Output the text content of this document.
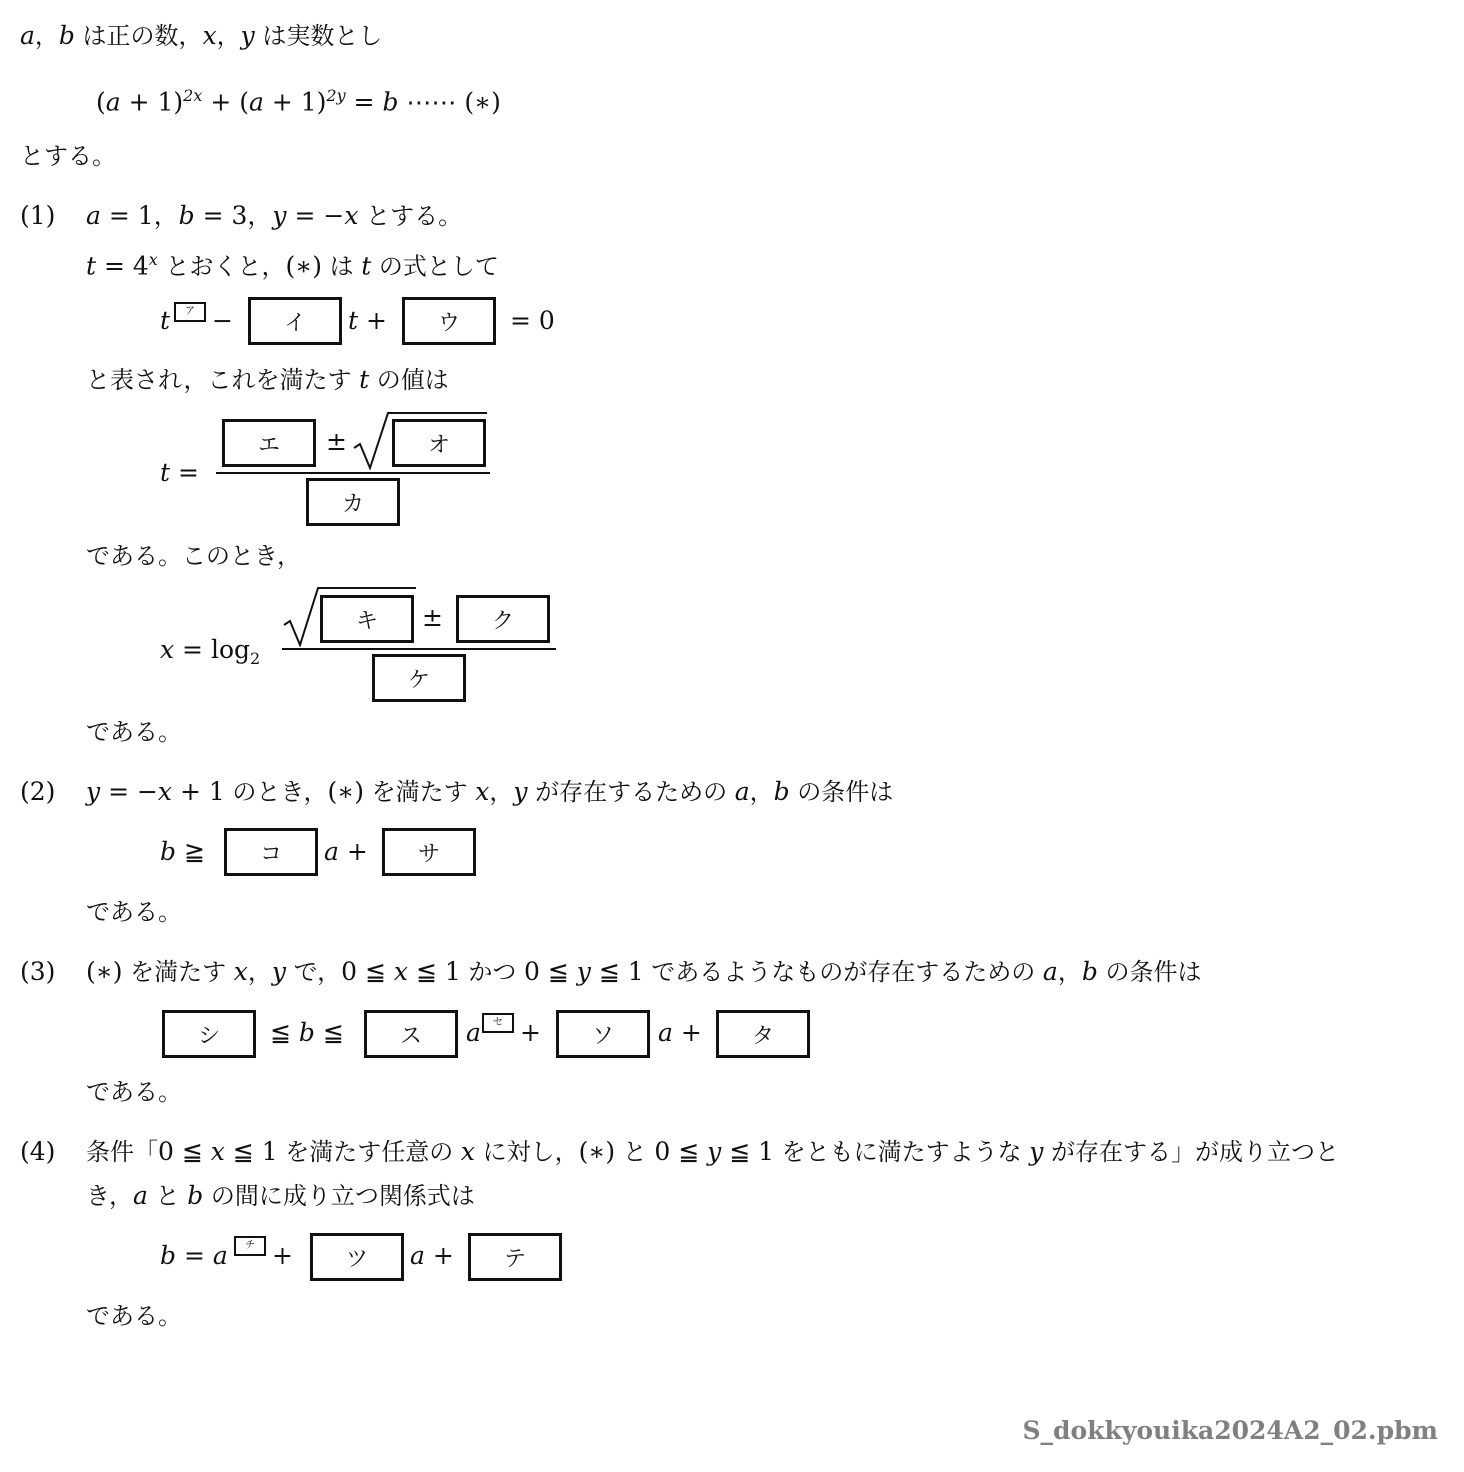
a，b は正の数，x，y は実数とし
$(a + 1)^{2x} + (a + 1)^{2y} = b$ ⋯⋯ (∗)
とする。
(1) a = 1，b = 3，y = −x とする。
$t = 4^x$ とおくと，(∗) は t の式として
t	ア −	イ	t +	ウ	= 0
と表され，これを満たす t の値は
t =
エ	±	オ
カ
である。このとき，
$x = \log_2$
キ	±	ク
ケ
である。
(2) y = −x + 1 のとき，(∗) を満たす x，y が存在するための a，b の条件は
b ≧	コ	a +	サ
である。
(3) (∗) を満たす x，y で，0 ≦ x ≦ 1 かつ 0 ≦ y ≦ 1 であるようなものが存在するための a，b の条件は
シ	≦ b ≦	ス	a	セ +	ソ	a +	タ
である。
(4) 条件「0 ≦ x ≦ 1 を満たす任意の x に対し，(∗) と 0 ≦ y ≦ 1 をともに満たすような y が存在する」が成り立つと
き，a と b の間に成り立つ関係式は
b = a	チ +	ツ	a +	テ
である。
S_dokkyouika2024A2_02.pbm
